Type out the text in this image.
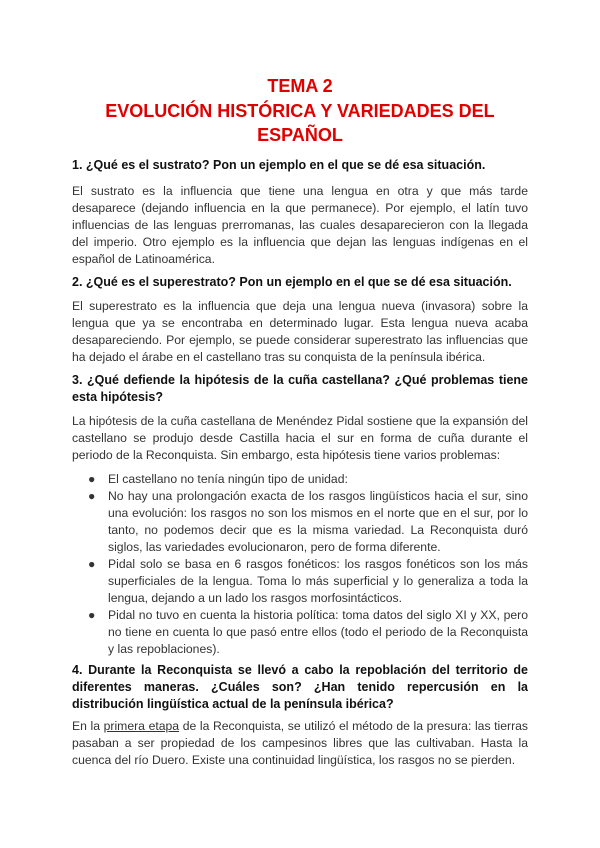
TEMA 2
EVOLUCIÓN HISTÓRICA Y VARIEDADES DEL ESPAÑOL
1. ¿Qué es el sustrato? Pon un ejemplo en el que se dé esa situación.
El sustrato es la influencia que tiene una lengua en otra y que más tarde desaparece (dejando influencia en la que permanece). Por ejemplo, el latín tuvo influencias de las lenguas prerromanas, las cuales desaparecieron con la llegada del imperio. Otro ejemplo es la influencia que dejan las lenguas indígenas en el español de Latinoamérica.
2. ¿Qué es el superestrato? Pon un ejemplo en el que se dé esa situación.
El superestrato es la influencia que deja una lengua nueva (invasora) sobre la lengua que ya se encontraba en determinado lugar. Esta lengua nueva acaba desapareciendo. Por ejemplo, se puede considerar superestrato las influencias que ha dejado el árabe en el castellano tras su conquista de la península ibérica.
3. ¿Qué defiende la hipótesis de la cuña castellana? ¿Qué problemas tiene esta hipótesis?
La hipótesis de la cuña castellana de Menéndez Pidal sostiene que la expansión del castellano se produjo desde Castilla hacia el sur en forma de cuña durante el periodo de la Reconquista. Sin embargo, esta hipótesis tiene varios problemas:
● El castellano no tenía ningún tipo de unidad:
● No hay una prolongación exacta de los rasgos lingüísticos hacia el sur, sino una evolución: los rasgos no son los mismos en el norte que en el sur, por lo tanto, no podemos decir que es la misma variedad. La Reconquista duró siglos, las variedades evolucionaron, pero de forma diferente.
● Pidal solo se basa en 6 rasgos fonéticos: los rasgos fonéticos son los más superficiales de la lengua. Toma lo más superficial y lo generaliza a toda la lengua, dejando a un lado los rasgos morfosintácticos.
● Pidal no tuvo en cuenta la historia política: toma datos del siglo XI y XX, pero no tiene en cuenta lo que pasó entre ellos (todo el periodo de la Reconquista y las repoblaciones).
4. Durante la Reconquista se llevó a cabo la repoblación del territorio de diferentes maneras. ¿Cuáles son? ¿Han tenido repercusión en la distribución lingüística actual de la península ibérica?
En la primera etapa de la Reconquista, se utilizó el método de la presura: las tierras pasaban a ser propiedad de los campesinos libres que las cultivaban. Hasta la cuenca del río Duero. Existe una continuidad lingüística, los rasgos no se pierden.
